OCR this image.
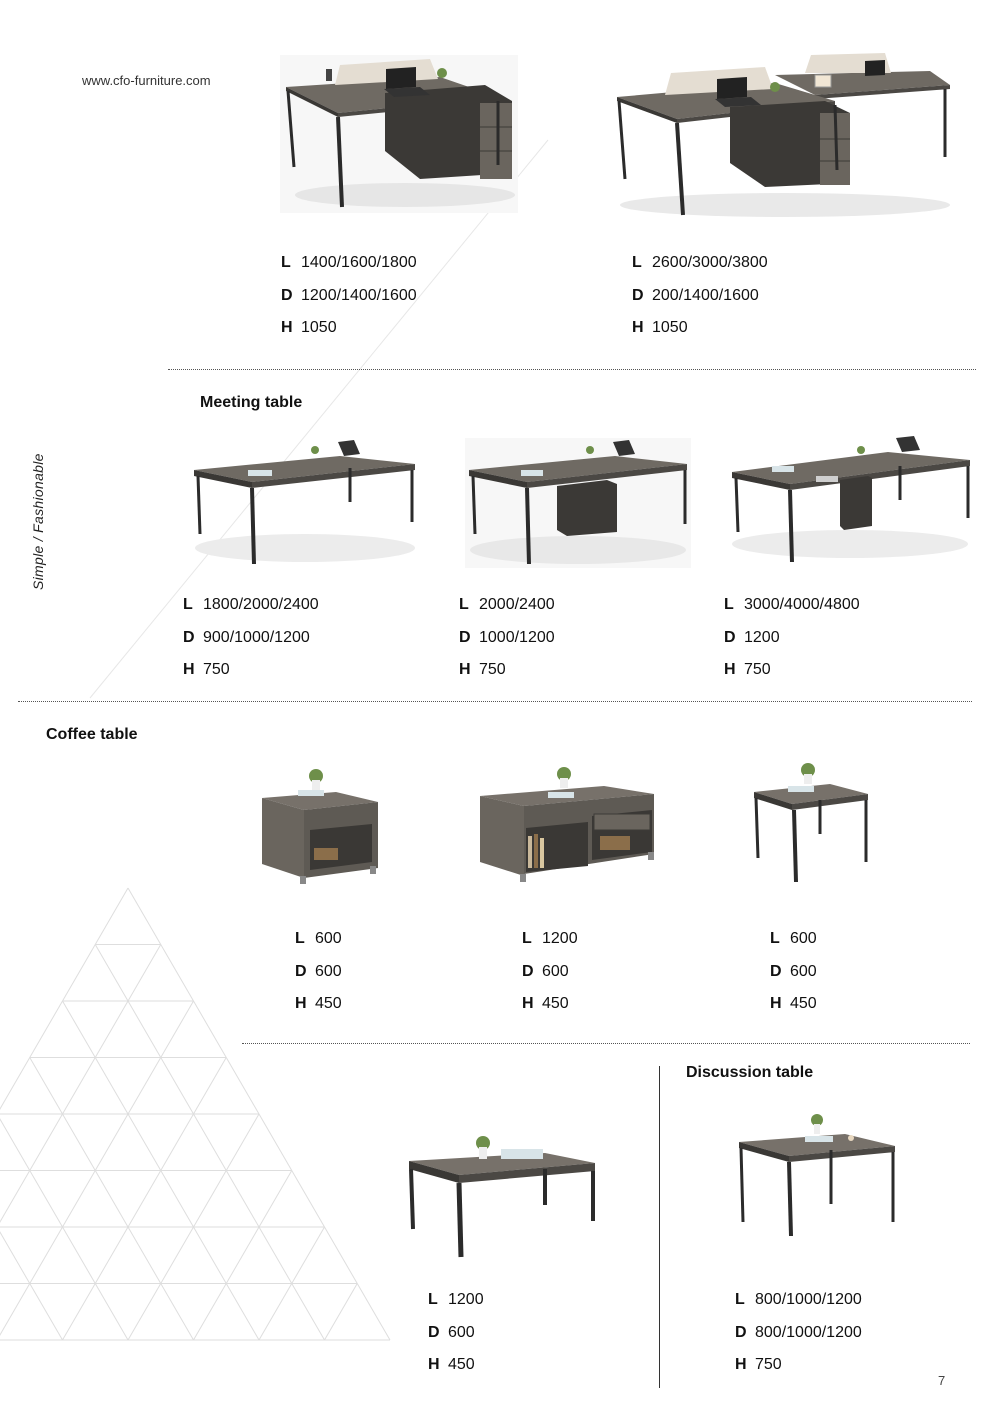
www.cfo-furniture.com
Simple / Fashionable
L 1400/1600/1800
D 1200/1400/1600
H 1050
L 2600/3000/3800
D 200/1400/1600
H 1050
Meeting table
L 1800/2000/2400
D 900/1000/1200
H 750
L 2000/2400
D 1000/1200
H 750
L 3000/4000/4800
D 1200
H 750
Coffee table
L 600
D 600
H 450
L 1200
D 600
H 450
L 600
D 600
H 450
L 1200
D 600
H 450
Discussion table
L 800/1000/1200
D 800/1000/1200
H 750
7
